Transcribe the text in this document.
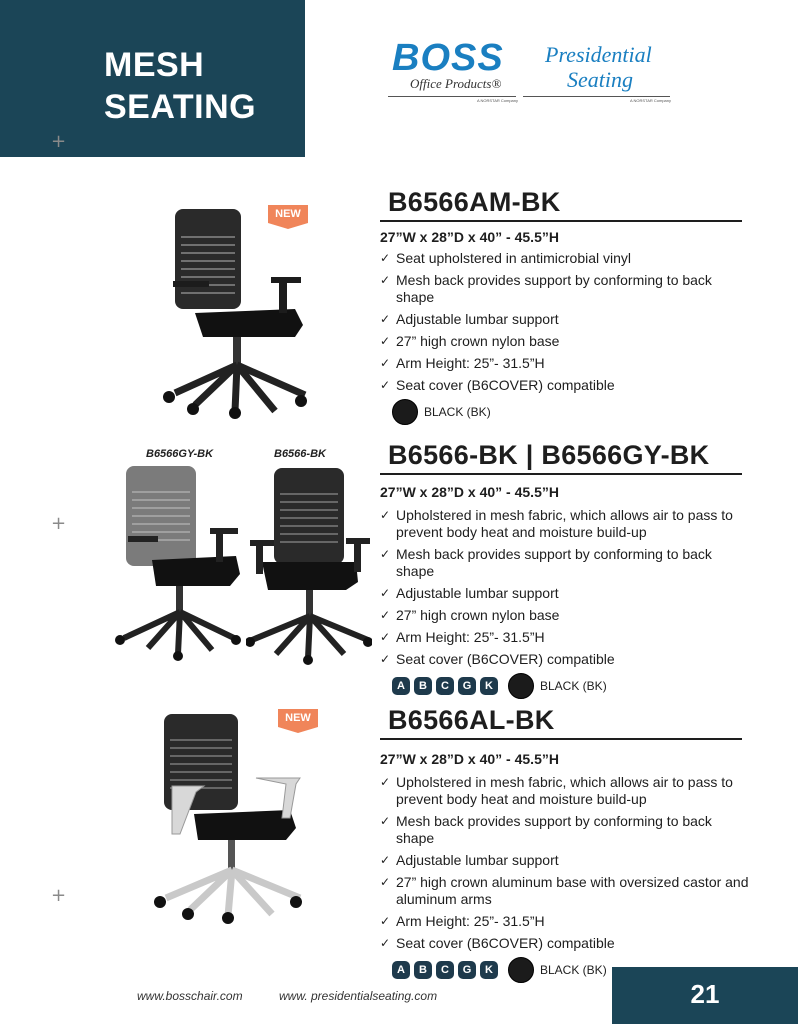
MESH
SEATING
+
+
+
BOSS
Office Products®
A NORSTAR Company
Presidential
Seating
A NORSTAR Company
NEW	B6566AM-BK
27”W x 28”D x 40” - 45.5”H
✓ Seat upholstered in antimicrobial vinyl
✓ Mesh back provides support by conforming to back shape
✓ Adjustable lumbar support
✓ 27” high crown nylon base
✓ Arm Height: 25”- 31.5”H
✓ Seat cover (B6COVER) compatible
BLACK (BK)
B6566GY-BK	B6566-BK B6566-BK | B6566GY-BK
27”W x 28”D x 40” - 45.5”H
✓ Upholstered in mesh fabric, which allows air to pass to prevent body heat and moisture build-up
✓ Mesh back provides support by conforming to back shape
✓ Adjustable lumbar support
✓ 27” high crown nylon base
✓ Arm Height: 25”- 31.5”H
✓ Seat cover (B6COVER) compatible
A	B	C	G	K	BLACK (BK)
NEW	B6566AL-BK
27”W x 28”D x 40” - 45.5”H
✓ Upholstered in mesh fabric, which allows air to pass to prevent body heat and moisture build-up
✓ Mesh back provides support by conforming to back shape
✓ Adjustable lumbar support
✓ 27” high crown aluminum base with oversized castor and aluminum arms
✓ Arm Height: 25”- 31.5”H
✓ Seat cover (B6COVER) compatible
A	B	C	G	K	BLACK (BK)
www.bosschair.com	www. presidentialseating.com	21
